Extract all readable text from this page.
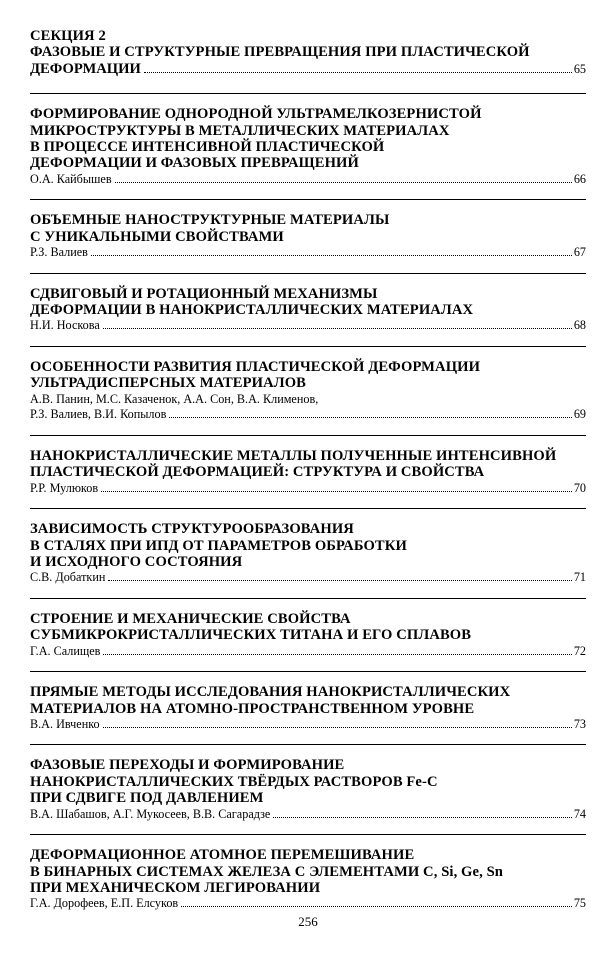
СЕКЦИЯ 2
ФАЗОВЫЕ И СТРУКТУРНЫЕ ПРЕВРАЩЕНИЯ ПРИ ПЛАСТИЧЕСКОЙ
ДЕФОРМАЦИИ	65
ФОРМИРОВАНИЕ ОДНОРОДНОЙ УЛЬТРАМЕЛКОЗЕРНИСТОЙ
МИКРОСТРУКТУРЫ В МЕТАЛЛИЧЕСКИХ МАТЕРИАЛАХ
В ПРОЦЕССЕ ИНТЕНСИВНОЙ ПЛАСТИЧЕСКОЙ
ДЕФОРМАЦИИ И ФАЗОВЫХ ПРЕВРАЩЕНИЙ
О.А. Кайбышев	66
ОБЪЕМНЫЕ НАНОСТРУКТУРНЫЕ МАТЕРИАЛЫ
С УНИКАЛЬНЫМИ СВОЙСТВАМИ
Р.З. Валиев	67
СДВИГОВЫЙ И РОТАЦИОННЫЙ МЕХАНИЗМЫ
ДЕФОРМАЦИИ В НАНОКРИСТАЛЛИЧЕСКИХ МАТЕРИАЛАХ
Н.И. Носкова	68
ОСОБЕННОСТИ РАЗВИТИЯ ПЛАСТИЧЕСКОЙ ДЕФОРМАЦИИ
УЛЬТРАДИСПЕРСНЫХ МАТЕРИАЛОВ
А.В. Панин, М.С. Казаченок, А.А. Сон, В.А. Клименов,
Р.З. Валиев, В.И. Копылов	69
НАНОКРИСТАЛЛИЧЕСКИЕ МЕТАЛЛЫ ПОЛУЧЕННЫЕ ИНТЕНСИВНОЙ
ПЛАСТИЧЕСКОЙ ДЕФОРМАЦИЕЙ: СТРУКТУРА И СВОЙСТВА
Р.Р. Мулюков	70
ЗАВИСИМОСТЬ СТРУКТУРООБРАЗОВАНИЯ
В СТАЛЯХ ПРИ ИПД ОТ ПАРАМЕТРОВ ОБРАБОТКИ
И ИСХОДНОГО СОСТОЯНИЯ
С.В. Добаткин	71
СТРОЕНИЕ И МЕХАНИЧЕСКИЕ СВОЙСТВА
СУБМИКРОКРИСТАЛЛИЧЕСКИХ ТИТАНА И ЕГО СПЛАВОВ
Г.А. Салищев	72
ПРЯМЫЕ МЕТОДЫ ИССЛЕДОВАНИЯ НАНОКРИСТАЛЛИЧЕСКИХ
МАТЕРИАЛОВ НА АТОМНО-ПРОСТРАНСТВЕННОМ УРОВНЕ
В.А. Ивченко	73
ФАЗОВЫЕ ПЕРЕХОДЫ И ФОРМИРОВАНИЕ
НАНОКРИСТАЛЛИЧЕСКИХ ТВЁРДЫХ РАСТВОРОВ Fe-C
ПРИ СДВИГЕ ПОД ДАВЛЕНИЕМ
В.А. Шабашов, А.Г. Мукосеев, В.В. Сагарадзе	74
ДЕФОРМАЦИОННОЕ АТОМНОЕ ПЕРЕМЕШИВАНИЕ
В БИНАРНЫХ СИСТЕМАХ ЖЕЛЕЗА С ЭЛЕМЕНТАМИ C, Si, Ge, Sn
ПРИ МЕХАНИЧЕСКОМ ЛЕГИРОВАНИИ
Г.А. Дорофеев, Е.П. Елсуков	75
256
